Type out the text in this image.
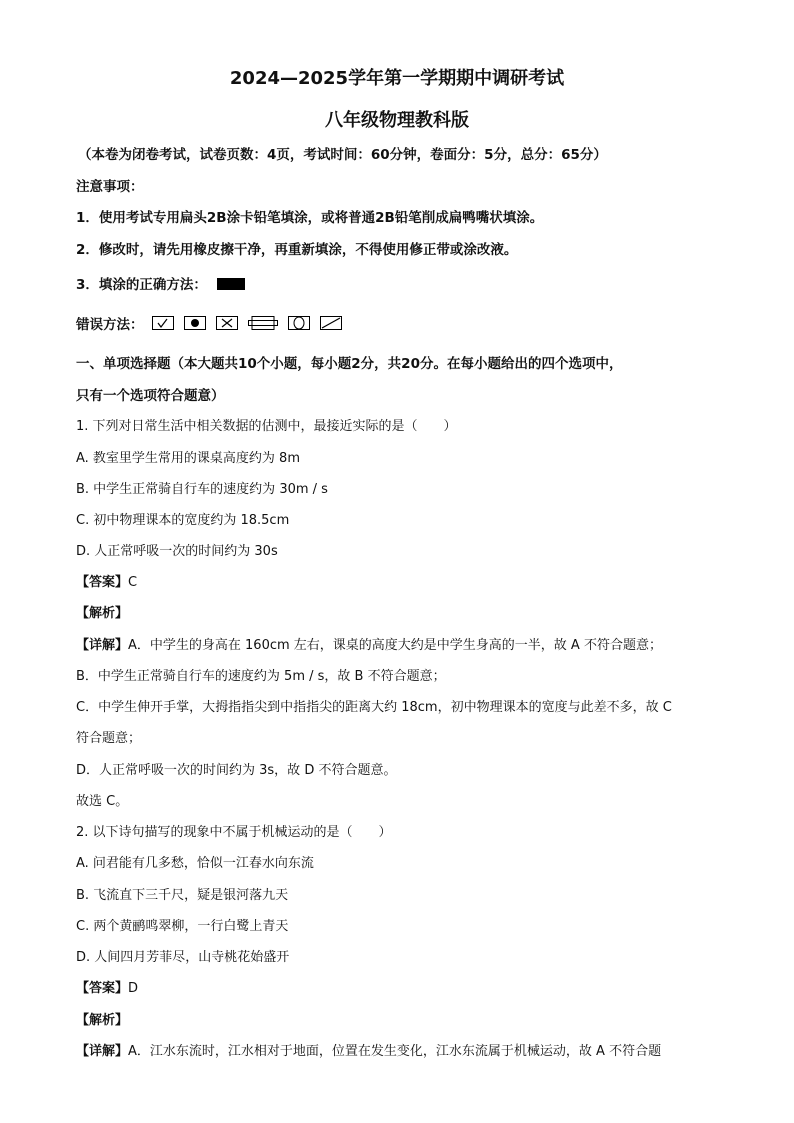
2024—2025学年第一学期期中调研考试
八年级物理教科版
（本卷为闭卷考试，试卷页数：4页，考试时间：60分钟，卷面分：5分，总分：65分）
注意事项：
1．使用考试专用扁头2B涂卡铅笔填涂，或将普通2B铅笔削成扁鸭嘴状填涂。
2．修改时，请先用橡皮擦干净，再重新填涂，不得使用修正带或涂改液。
3．填涂的正确方法：
错误方法：
一、单项选择题（本大题共10个小题，每小题2分，共20分。在每小题给出的四个选项中，
只有一个选项符合题意）
1. 下列对日常生活中相关数据的估测中，最接近实际的是（　　）
A. 教室里学生常用的课桌高度约为 8m
B. 中学生正常骑自行车的速度约为 30m / s
C. 初中物理课本的宽度约为 18.5cm
D. 人正常呼吸一次的时间约为 30s
【答案】C
【解析】
【详解】A．中学生的身高在 160cm 左右，课桌的高度大约是中学生身高的一半，故 A 不符合题意；
B．中学生正常骑自行车的速度约为 5m / s，故 B 不符合题意；
C．中学生伸开手掌，大拇指指尖到中指指尖的距离大约 18cm，初中物理课本的宽度与此差不多，故 C
符合题意；
D．人正常呼吸一次的时间约为 3s，故 D 不符合题意。
故选 C。
2. 以下诗句描写的现象中不属于机械运动的是（　　）
A. 问君能有几多愁，恰似一江春水向东流
B. 飞流直下三千尺，疑是银河落九天
C. 两个黄鹂鸣翠柳，一行白鹭上青天
D. 人间四月芳菲尽，山寺桃花始盛开
【答案】D
【解析】
【详解】A．江水东流时，江水相对于地面，位置在发生变化，江水东流属于机械运动，故 A 不符合题
